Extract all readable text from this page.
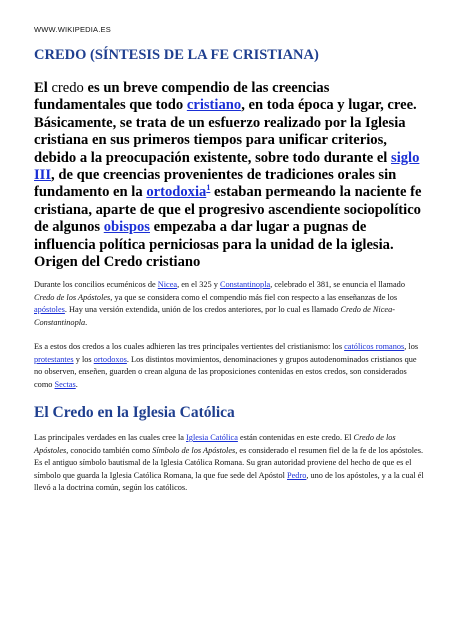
WWW.WIKIPEDIA.ES
CREDO (SÍNTESIS DE LA FE CRISTIANA)

El credo es un breve compendio de las creencias fundamentales que todo cristiano, en toda época y lugar, cree. Básicamente, se trata de un esfuerzo realizado por la Iglesia cristiana en sus primeros tiempos para unificar criterios, debido a la preocupación existente, sobre todo durante el siglo III, de que creencias provenientes de tradiciones orales sin fundamento en la ortodoxia$^1$ estaban permeando la naciente fe cristiana, aparte de que el progresivo ascendiente sociopolítico de algunos obispos empezaba a dar lugar a pugnas de influencia política perniciosas para la unidad de la iglesia. Origen del Credo cristiano

Durante los concilios ecuménicos de Nicea, en el 325 y Constantinopla, celebrado el 381, se enuncia el llamado Credo de los Apóstoles, ya que se considera como el compendio más fiel con respecto a las enseñanzas de los apóstoles. Hay una versión extendida, unión de los credos anteriores, por lo cual es llamado Credo de Nicea-Constantinopla.

Es a estos dos credos a los cuales adhieren las tres principales vertientes del cristianismo: los católicos romanos, los protestantes y los ortodoxos. Los distintos movimientos, denominaciones y grupos autodenominados cristianos que no observen, enseñen, guarden o crean alguna de las proposiciones contenidas en estos credos, son considerados como Sectas.

El Credo en la Iglesia Católica

Las principales verdades en las cuales cree la Iglesia Católica están contenidas en este credo. El Credo de los Apóstoles, conocido también como Símbolo de los Apóstoles, es considerado el resumen fiel de la fe de los apóstoles. Es el antiguo símbolo bautismal de la Iglesia Católica Romana. Su gran autoridad proviene del hecho de que es el símbolo que guarda la Iglesia Católica Romana, la que fue sede del Apóstol Pedro, uno de los apóstoles, y a la cual él llevó a la doctrina común, según los católicos.
